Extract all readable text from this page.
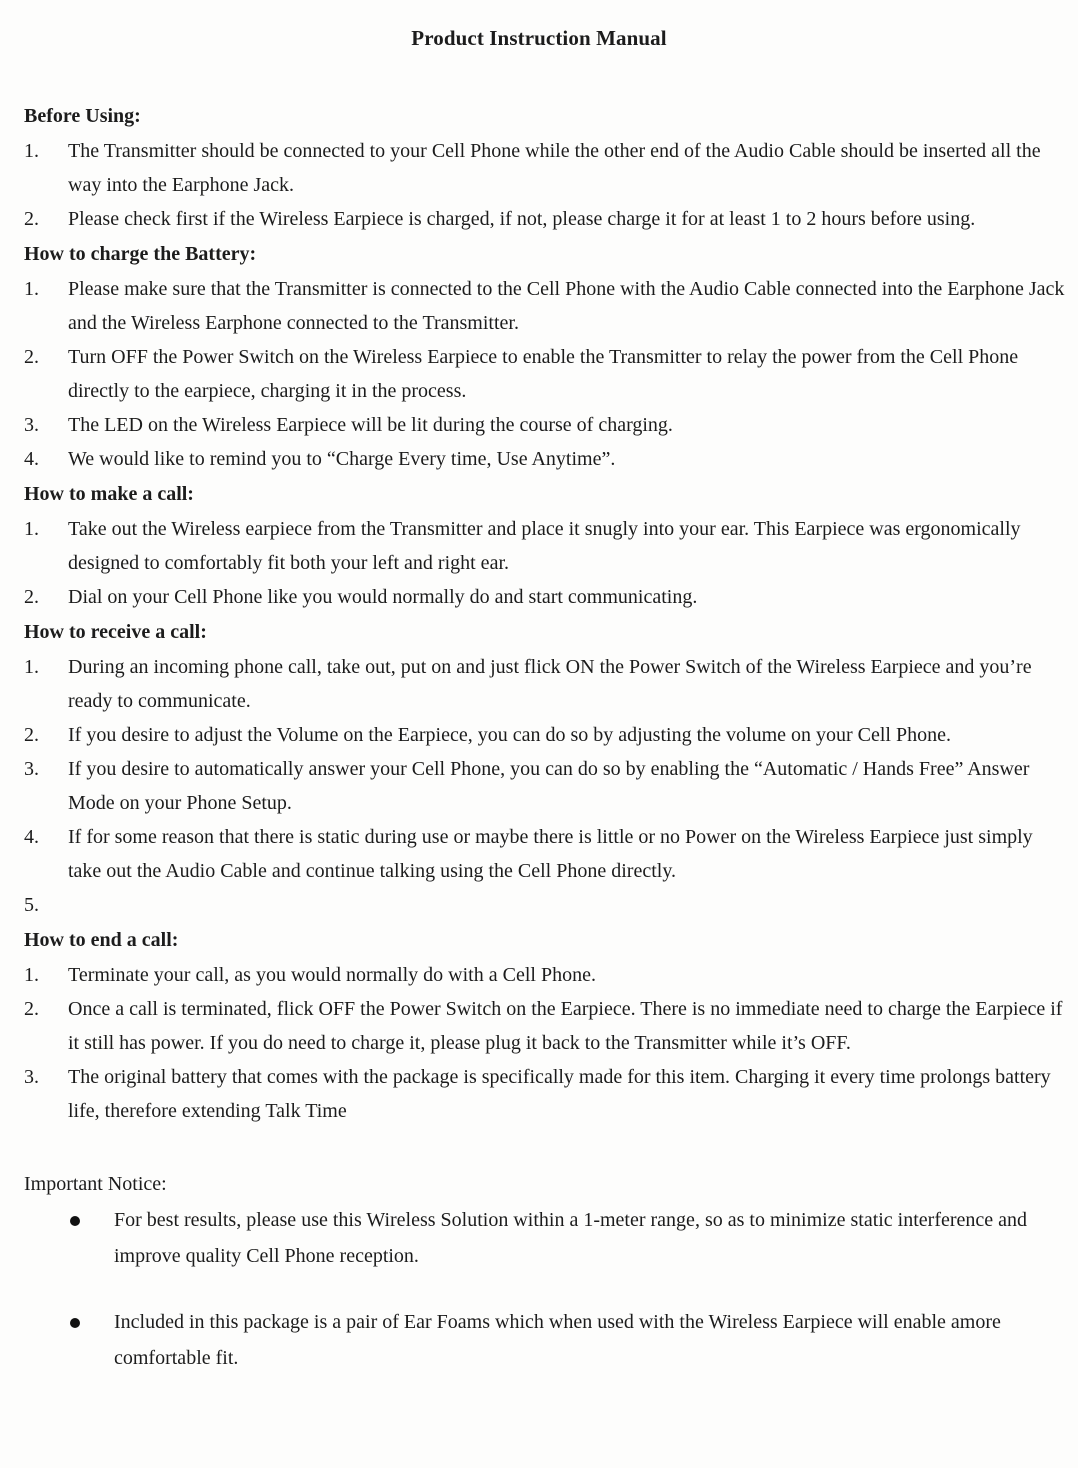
Product Instruction Manual
Before Using:
1.	The Transmitter should be connected to your Cell Phone while the other end of the Audio Cable should be inserted all the way into the Earphone Jack.
2.	Please check first if the Wireless Earpiece is charged, if not, please charge it for at least 1 to 2 hours before using.
How to charge the Battery:
1.	Please make sure that the Transmitter is connected to the Cell Phone with the Audio Cable connected into the Earphone Jack and the Wireless Earphone connected to the Transmitter.
2.	Turn OFF the Power Switch on the Wireless Earpiece to enable the Transmitter to relay the power from the Cell Phone directly to the earpiece, charging it in the process.
3.	The LED on the Wireless Earpiece will be lit during the course of charging.
4.	We would like to remind you to “Charge Every time, Use Anytime”.
How to make a call:
1.	Take out the Wireless earpiece from the Transmitter and place it snugly into your ear. This Earpiece was ergonomically designed to comfortably fit both your left and right ear.
2.	Dial on your Cell Phone like you would normally do and start communicating.
How to receive a call:
1.	During an incoming phone call, take out, put on and just flick ON the Power Switch of the Wireless Earpiece and you’re ready to communicate.
2.	If you desire to adjust the Volume on the Earpiece, you can do so by adjusting the volume on your Cell Phone.
3.	If you desire to automatically answer your Cell Phone, you can do so by enabling the “Automatic / Hands Free” Answer Mode on your Phone Setup.
4.	If for some reason that there is static during use or maybe there is little or no Power on the Wireless Earpiece just simply take out the Audio Cable and continue talking using the Cell Phone directly.
5.
How to end a call:
1.	Terminate your call, as you would normally do with a Cell Phone.
2.	Once a call is terminated, flick OFF the Power Switch on the Earpiece. There is no immediate need to charge the Earpiece if it still has power. If you do need to charge it, please plug it back to the Transmitter while it’s OFF.
3.	The original battery that comes with the package is specifically made for this item. Charging it every time prolongs battery life, therefore extending Talk Time
Important Notice:
For best results, please use this Wireless Solution within a 1-meter range, so as to minimize static interference and improve quality Cell Phone reception.
Included in this package is a pair of Ear Foams which when used with the Wireless Earpiece will enable amore comfortable fit.
